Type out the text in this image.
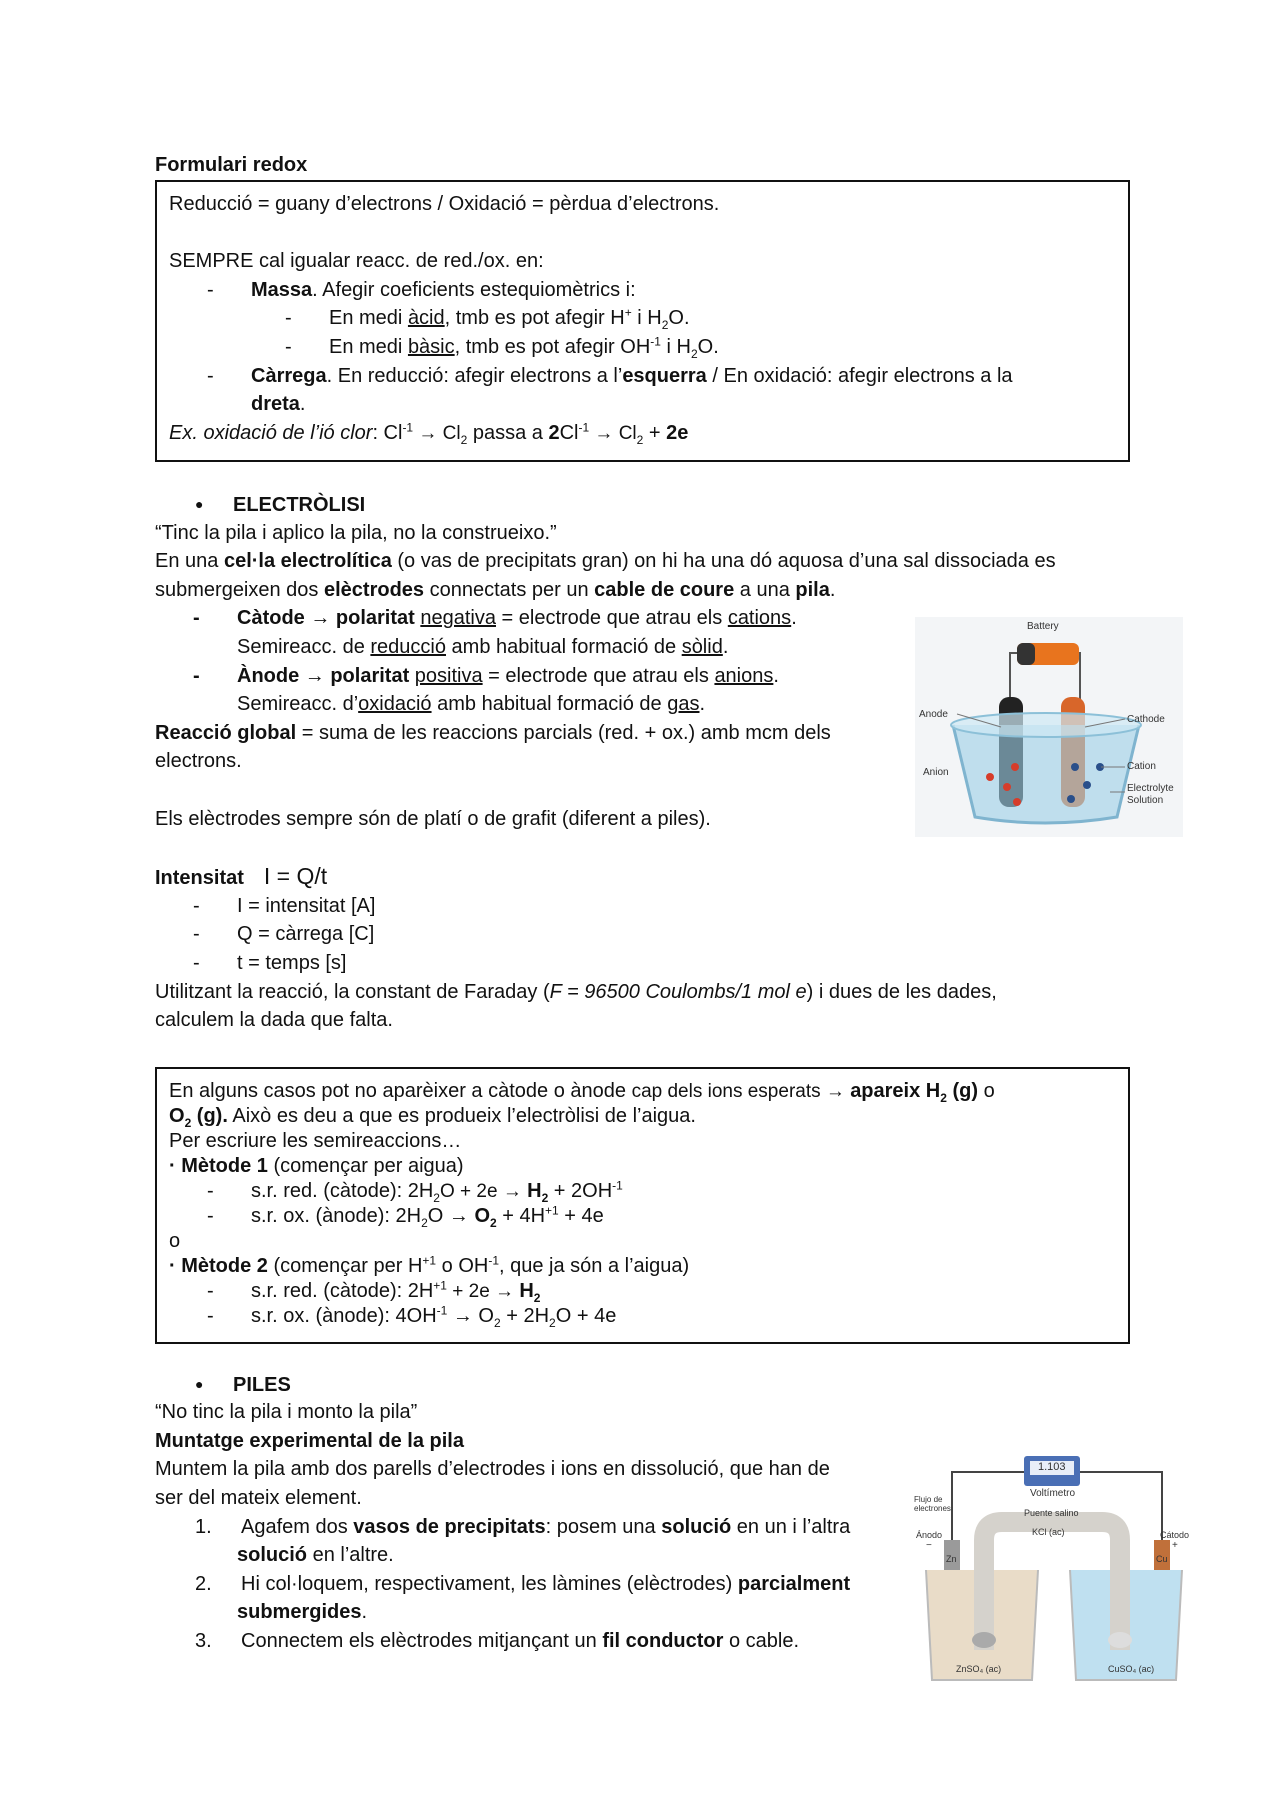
Formulari redox
Reducció = guany d’electrons / Oxidació = pèrdua d’electrons.
SEMPRE cal igualar reacc. de red./ox. en:
- Massa. Afegir coeficients estequiomètrics i:
- En medi àcid, tmb es pot afegir H+ i $H_2O$.
- En medi bàsic, tmb es pot afegir $OH^{-1}$ i $H_2O$.
- Càrrega. En reducció: afegir electrons a l’esquerra / En oxidació: afegir electrons a la
dreta.
Ex. oxidació de l’ió clor: $Cl^{-1} \to Cl_2$ passa a $2Cl^{-1} \to Cl_2 + 2e$
● ELECTRÒLISI
“Tinc la pila i aplico la pila, no la construeixo.”
En una cel·la electrolítica (o vas de precipitats gran) on hi ha una dó aquosa d’una sal dissociada es
submergeixen dos elèctrodes connectats per un cable de coure a una pila.
- Càtode → polaritat negativa = electrode que atrau els cations.
Semireacc. de reducció amb habitual formació de sòlid.
- Ànode → polaritat positiva = electrode que atrau els anions.
Semireacc. d’oxidació amb habitual formació de gas.
Reacció global = suma de les reaccions parcials (red. + ox.) amb mcm dels
electrons.
Els elèctrodes sempre són de platí o de grafit (diferent a piles).
Intensitat I = Q/t
- I = intensitat [A]
- Q = càrrega [C]
- t = temps [s]
Utilitzant la reacció, la constant de Faraday (F = 96500 Coulombs/1 mol e) i dues de les dades,
calculem la dada que falta.
En alguns casos pot no aparèixer a càtode o ànode cap dels ions esperats → apareix $H_2$ (g) o
$O_2$ (g). Això es deu a que es produeix l’electròlisi de l’aigua.
Per escriure les semireaccions…
· Mètode 1 (començar per aigua)
- s.r. red. (càtode): $2H_2O + 2e \to H_2 + 2OH^{-1}$
- s.r. ox. (ànode): $2H_2O \to O_2 + 4H^{+1} + 4e$
o
· Mètode 2 (començar per $H^{+1}$ o $OH^{-1}$, que ja són a l’aigua)
- s.r. red. (càtode): $2H^{+1} + 2e \to H_2$
- s.r. ox. (ànode): $4OH^{-1} \to O_2 + 2H_2O + 4e$
● PILES
“No tinc la pila i monto la pila”
Muntatge experimental de la pila
Muntem la pila amb dos parells d’electrodes i ions en dissolució, que han de
ser del mateix element.
1. Agafem dos vasos de precipitats: posem una solució en un i l’altra
solució en l’altre.
2. Hi col·loquem, respectivament, les làmines (elèctrodes) parcialment
submergides.
3. Connectem els elèctrodes mitjançant un fil conductor o cable.
Battery
Anode	Cathode
Cation
Anion
Electrolyte
Solution
1.103
Voltímetro
Flujo de
electrones	Puente salino
KCl (ac)
Ánodo
−
Cátodo
+
Zn	Cu
ZnSO₄ (ac)	CuSO₄ (ac)
